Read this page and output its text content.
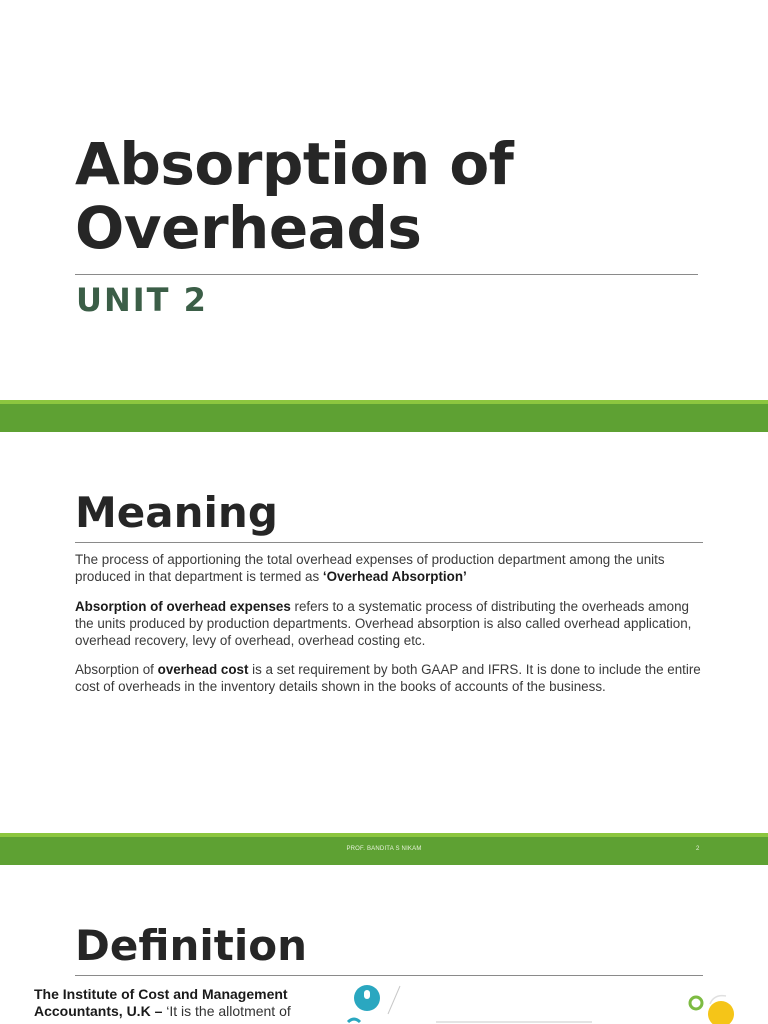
Absorption of
Overheads
UNIT 2
Meaning

The process of apportioning the total overhead expenses of production department among the units produced in that department is termed as ‘Overhead Absorption’

Absorption of overhead expenses refers to a systematic process of distributing the overheads among the units produced by production departments. Overhead absorption is also called overhead application, overhead recovery, levy of overhead, overhead costing etc.

Absorption of overhead cost is a set requirement by both GAAP and IFRS. It is done to include the entire cost of overheads in the inventory details shown in the books of accounts of the business.

PROF. BANDITA S NIKAM	2
Definition

The Institute of Cost and Management Accountants, U.K – ‘It is the allotment of
